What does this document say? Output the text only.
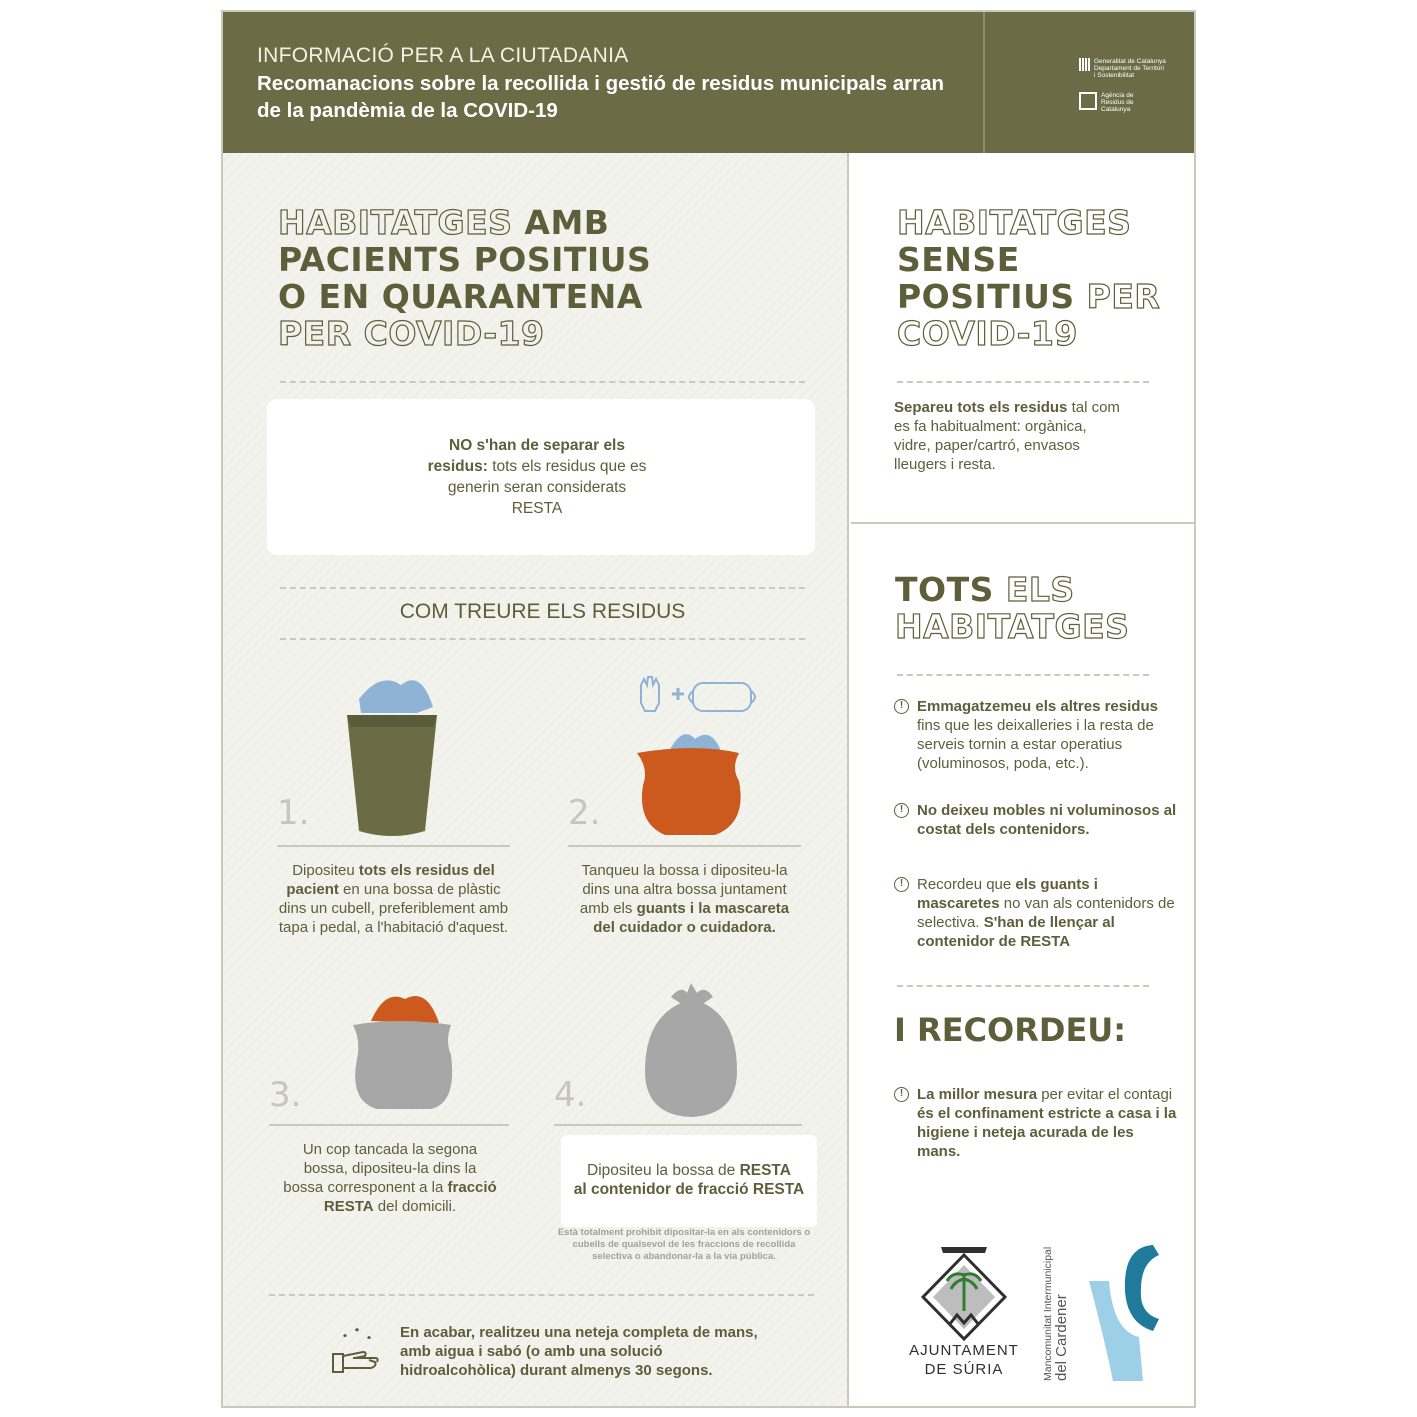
INFORMACIÓ PER A LA CIUTADANIA
Recomanacions sobre la recollida i gestió de residus municipals arran de la pandèmia de la COVID-19
Generalitat de Catalunya
Departament de Territori
i Sostenibilitat
Agència de
Residus de
Catalunya
HABITATGES AMB
PACIENTS POSITIUS
O EN QUARANTENA
PER COVID-19
NO s'han de separar els residus: tots els residus que es generin seran considerats RESTA
COM TREURE ELS RESIDUS
1.
Dipositeu tots els residus del pacient en una bossa de plàstic dins un cubell, preferiblement amb tapa i pedal, a l'habitació d'aquest.
2.
Tanqueu la bossa i dipositeu-la dins una altra bossa juntament amb els guants i la mascareta del cuidador o cuidadora.
3.
Un cop tancada la segona bossa, dipositeu-la dins la bossa corresponent a la fracció RESTA del domicili.
4.
Dipositeu la bossa de RESTA
al contenidor de fracció RESTA
Està totalment prohibit dipositar-la en als contenidors o cubells de qualsevol de les fraccions de recollida selectiva o abandonar-la a la via pública.
En acabar, realitzeu una neteja completa de mans, amb aigua i sabó (o amb una solució hidroalcohòlica) durant almenys 30 segons.
HABITATGES
SENSE
POSITIUS PER
COVID-19
Separeu tots els residus tal com es fa habitualment: orgànica, vidre, paper/cartró, envasos lleugers i resta.
TOTS ELS
HABITATGES
! Emmagatzemeu els altres residus fins que les deixalleries i la resta de serveis tornin a estar operatius (voluminosos, poda, etc.).
! No deixeu mobles ni voluminosos al costat dels contenidors.
! Recordeu que els guants i mascaretes no van als contenidors de selectiva. S'han de llençar al contenidor de RESTA
I RECORDEU:
! La millor mesura per evitar el contagi és el confinament estricte a casa i la higiene i neteja acurada de les mans.
AJUNTAMENT
DE SÚRIA	Mancomunitat Intermunicipal del Cardener
